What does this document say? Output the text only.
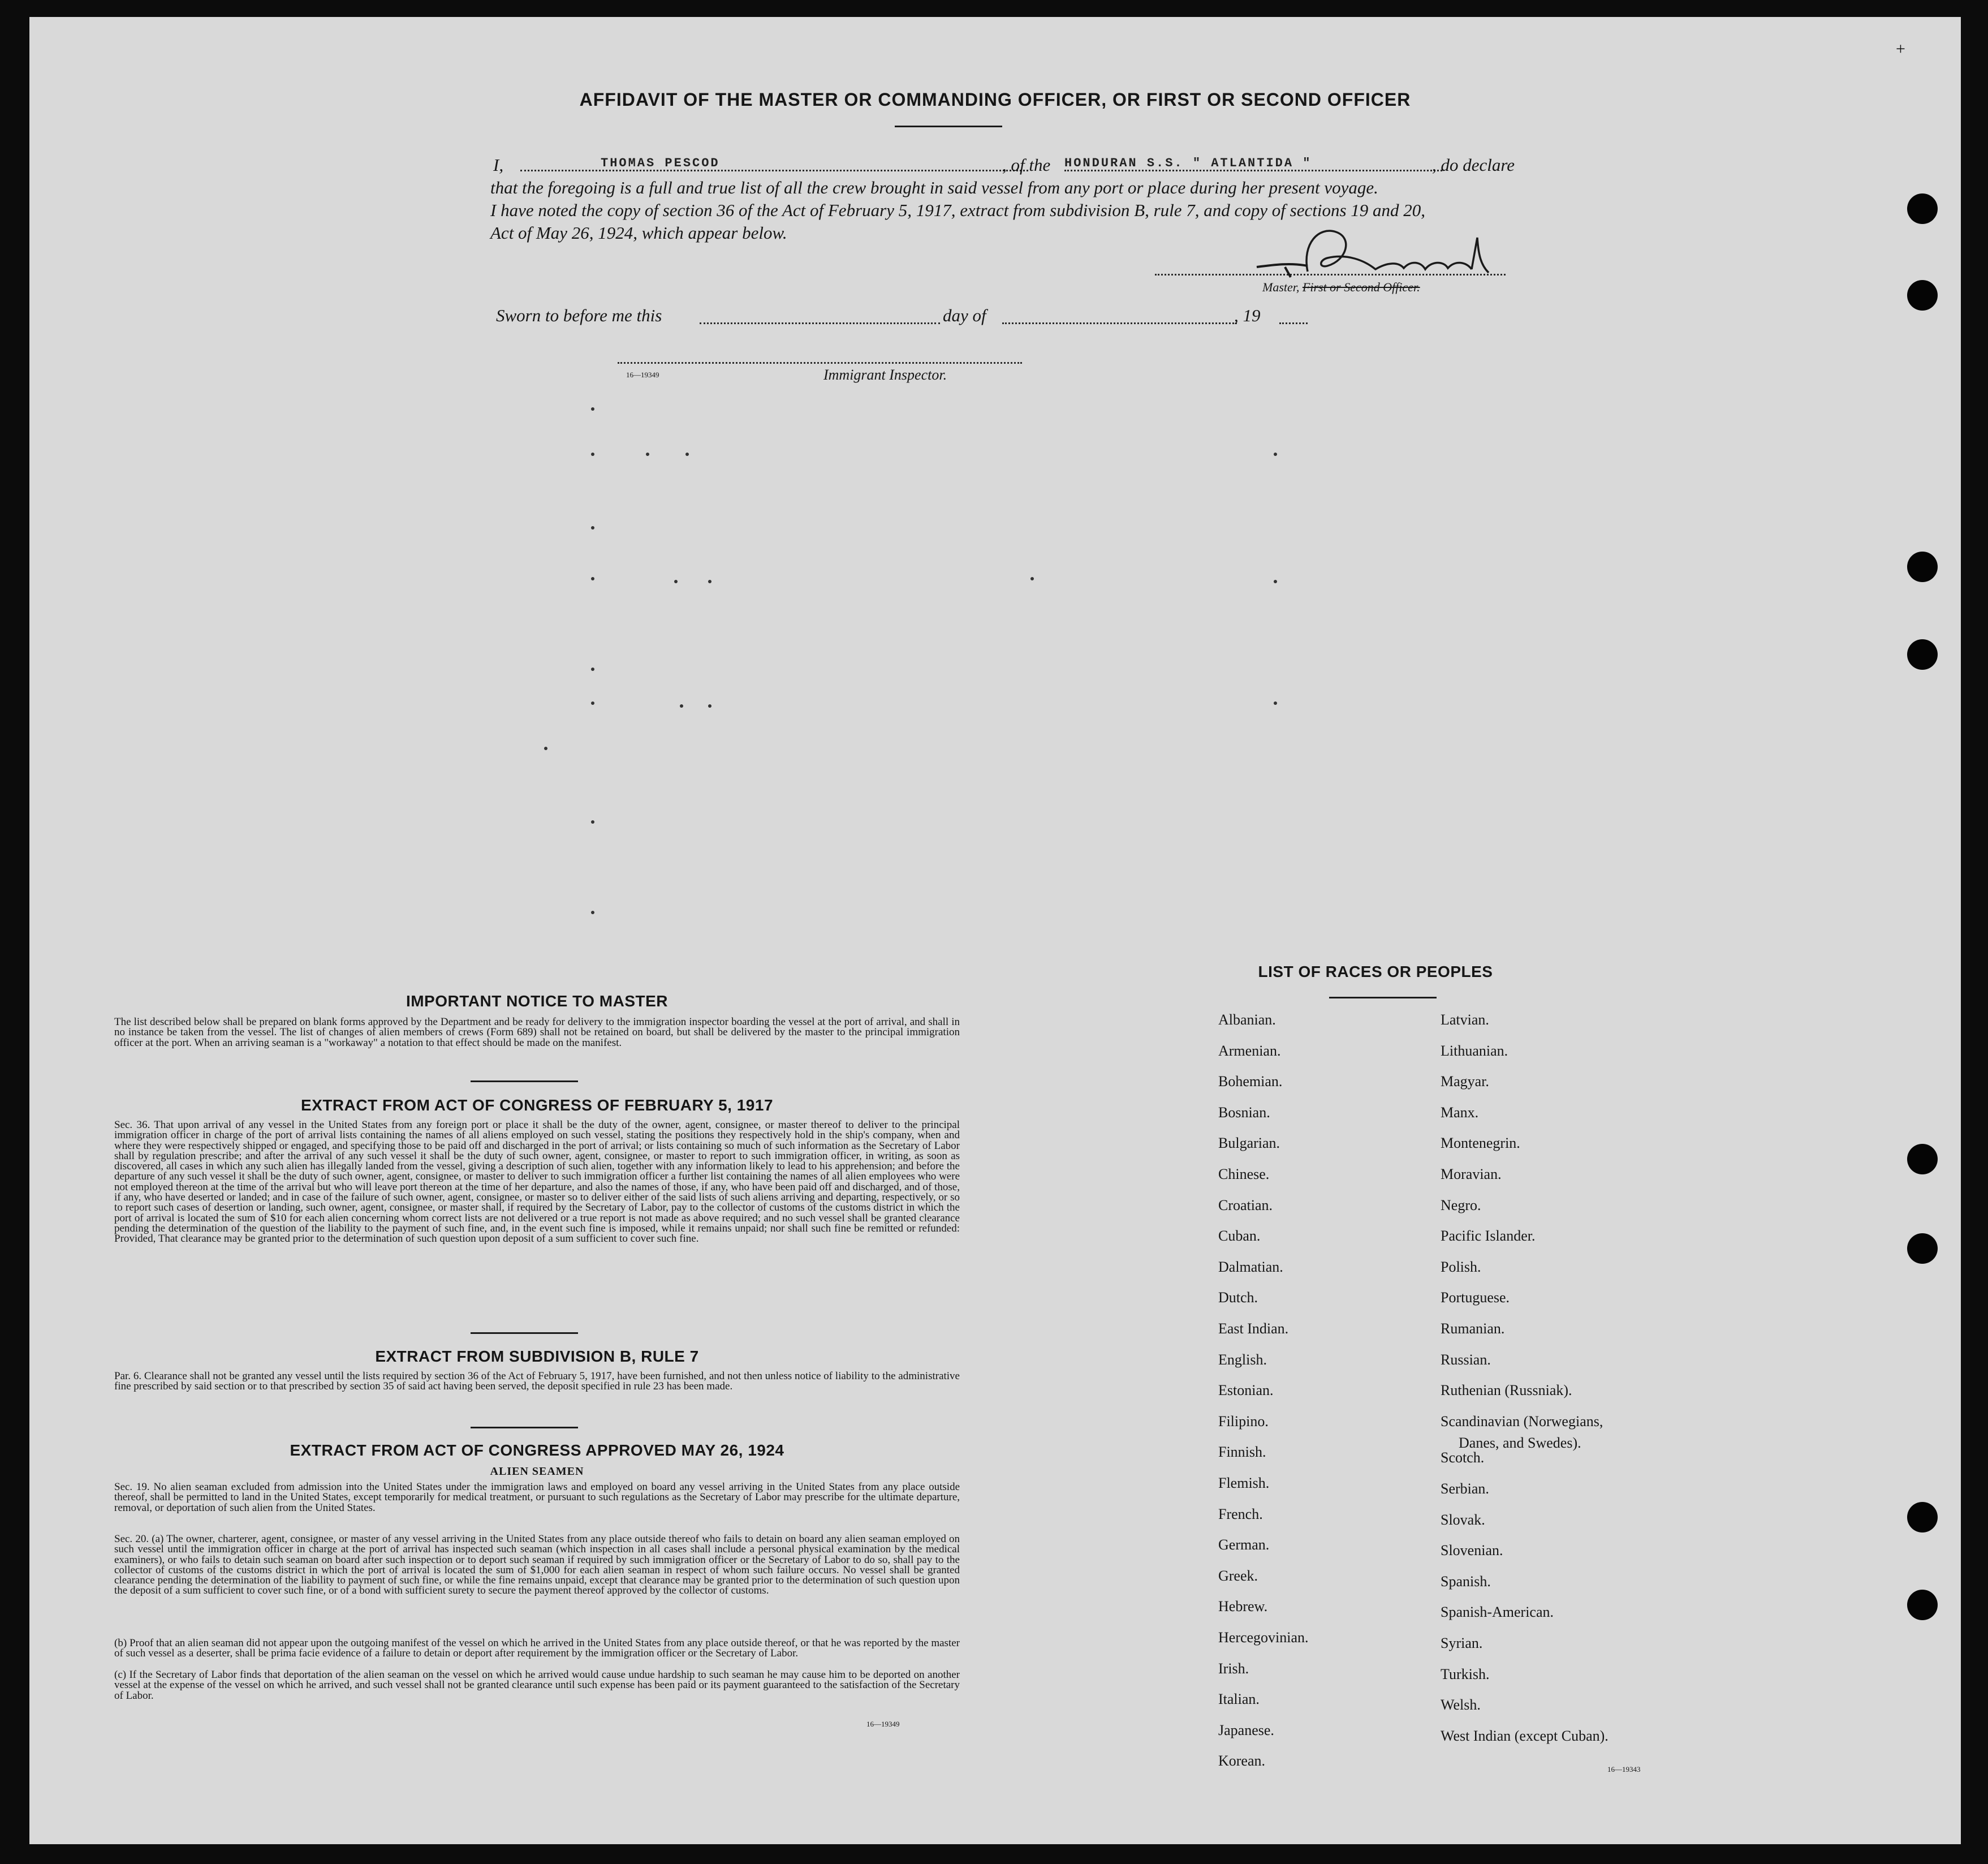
AFFIDAVIT OF THE MASTER OR COMMANDING OFFICER, OR FIRST OR SECOND OFFICER
I,	THOMAS PESCOD	, of the HONDURAN S.S. " ATLANTIDA "	, do declare
that the foregoing is a full and true list of all the crew brought in said vessel from any port or place during her present voyage.
I have noted the copy of section 36 of the Act of February 5, 1917, extract from subdivision B, rule 7, and copy of sections 19 and 20,
Act of May 26, 1924, which appear below.
Master, First or Second Officer.
Sworn to before me this	day of	, 19
16—19349	Immigrant Inspector.
IMPORTANT NOTICE TO MASTER
The list described below shall be prepared on blank forms approved by the Department and be ready for delivery to the immigration inspector boarding the vessel at the port of arrival, and shall in no instance be taken from the vessel. The list of changes of alien members of crews (Form 689) shall not be retained on board, but shall be delivered by the master to the principal immigration officer at the port. When an arriving seaman is a "workaway" a notation to that effect should be made on the manifest.
EXTRACT FROM ACT OF CONGRESS OF FEBRUARY 5, 1917
Sec. 36. That upon arrival of any vessel in the United States from any foreign port or place it shall be the duty of the owner, agent, consignee, or master thereof to deliver to the principal immigration officer in charge of the port of arrival lists containing the names of all aliens employed on such vessel, stating the positions they respectively hold in the ship's company, when and where they were respectively shipped or engaged, and specifying those to be paid off and discharged in the port of arrival; or lists containing so much of such information as the Secretary of Labor shall by regulation prescribe; and after the arrival of any such vessel it shall be the duty of such owner, agent, consignee, or master to report to such immigration officer, in writing, as soon as discovered, all cases in which any such alien has illegally landed from the vessel, giving a description of such alien, together with any information likely to lead to his apprehension; and before the departure of any such vessel it shall be the duty of such owner, agent, consignee, or master to deliver to such immigration officer a further list containing the names of all alien employees who were not employed thereon at the time of the arrival but who will leave port thereon at the time of her departure, and also the names of those, if any, who have been paid off and discharged, and of those, if any, who have deserted or landed; and in case of the failure of such owner, agent, consignee, or master so to deliver either of the said lists of such aliens arriving and departing, respectively, or so to report such cases of desertion or landing, such owner, agent, consignee, or master shall, if required by the Secretary of Labor, pay to the collector of customs of the customs district in which the port of arrival is located the sum of $10 for each alien concerning whom correct lists are not delivered or a true report is not made as above required; and no such vessel shall be granted clearance pending the determination of the question of the liability to the payment of such fine, and, in the event such fine is imposed, while it remains unpaid; nor shall such fine be remitted or refunded: Provided, That clearance may be granted prior to the determination of such question upon deposit of a sum sufficient to cover such fine.
EXTRACT FROM SUBDIVISION B, RULE 7
Par. 6. Clearance shall not be granted any vessel until the lists required by section 36 of the Act of February 5, 1917, have been furnished, and not then unless notice of liability to the administrative fine prescribed by said section or to that prescribed by section 35 of said act having been served, the deposit specified in rule 23 has been made.
EXTRACT FROM ACT OF CONGRESS APPROVED MAY 26, 1924
ALIEN SEAMEN
Sec. 19. No alien seaman excluded from admission into the United States under the immigration laws and employed on board any vessel arriving in the United States from any place outside thereof, shall be permitted to land in the United States, except temporarily for medical treatment, or pursuant to such regulations as the Secretary of Labor may prescribe for the ultimate departure, removal, or deportation of such alien from the United States.
Sec. 20. (a) The owner, charterer, agent, consignee, or master of any vessel arriving in the United States from any place outside thereof who fails to detain on board any alien seaman employed on such vessel until the immigration officer in charge at the port of arrival has inspected such seaman (which inspection in all cases shall include a personal physical examination by the medical examiners), or who fails to detain such seaman on board after such inspection or to deport such seaman if required by such immigration officer or the Secretary of Labor to do so, shall pay to the collector of customs of the customs district in which the port of arrival is located the sum of $1,000 for each alien seaman in respect of whom such failure occurs. No vessel shall be granted clearance pending the determination of the liability to payment of such fine, or while the fine remains unpaid, except that clearance may be granted prior to the determination of such question upon the deposit of a sum sufficient to cover such fine, or of a bond with sufficient surety to secure the payment thereof approved by the collector of customs.
(b) Proof that an alien seaman did not appear upon the outgoing manifest of the vessel on which he arrived in the United States from any place outside thereof, or that he was reported by the master of such vessel as a deserter, shall be prima facie evidence of a failure to detain or deport after requirement by the immigration officer or the Secretary of Labor.
(c) If the Secretary of Labor finds that deportation of the alien seaman on the vessel on which he arrived would cause undue hardship to such seaman he may cause him to be deported on another vessel at the expense of the vessel on which he arrived, and such vessel shall not be granted clearance until such expense has been paid or its payment guaranteed to the satisfaction of the Secretary of Labor.
16—19349
LIST OF RACES OR PEOPLES
Albanian.
Armenian.
Bohemian.
Bosnian.
Bulgarian.
Chinese.
Croatian.
Cuban.
Dalmatian.
Dutch.
East Indian.
English.
Estonian.
Filipino.
Finnish.
Flemish.
French.
German.
Greek.
Hebrew.
Hercegovinian.
Irish.
Italian.
Japanese.
Korean.
Latvian.
Lithuanian.
Magyar.
Manx.
Montenegrin.
Moravian.
Negro.
Pacific Islander.
Polish.
Portuguese.
Rumanian.
Russian.
Ruthenian (Russniak).
Scandinavian (Norwegians,
Danes, and Swedes).
Scotch.
Serbian.
Slovak.
Slovenian.
Spanish.
Spanish-American.
Syrian.
Turkish.
Welsh.
West Indian (except Cuban).
16—19343
+
